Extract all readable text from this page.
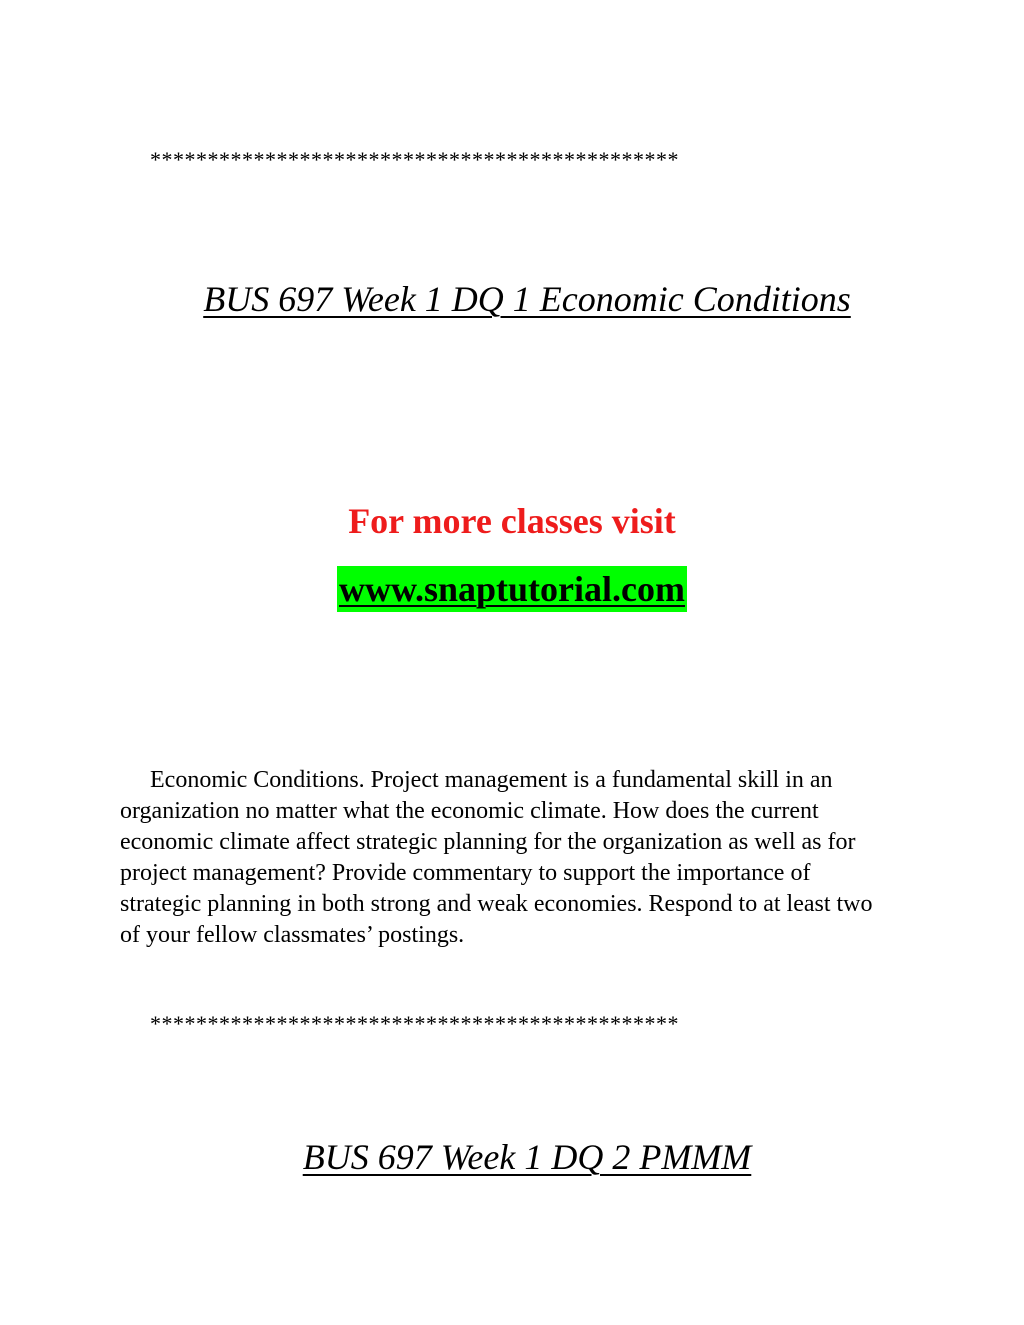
**********************************************
BUS 697 Week 1 DQ 1 Economic Conditions
For more classes visit
www.snaptutorial.com

Economic Conditions. Project management is a fundamental skill in an organization no matter what the economic climate. How does the current economic climate affect strategic planning for the organization as well as for project management? Provide commentary to support the importance of strategic planning in both strong and weak economies. Respond to at least two of your fellow classmates’ postings.

**********************************************
BUS 697 Week 1 DQ 2 PMMM
